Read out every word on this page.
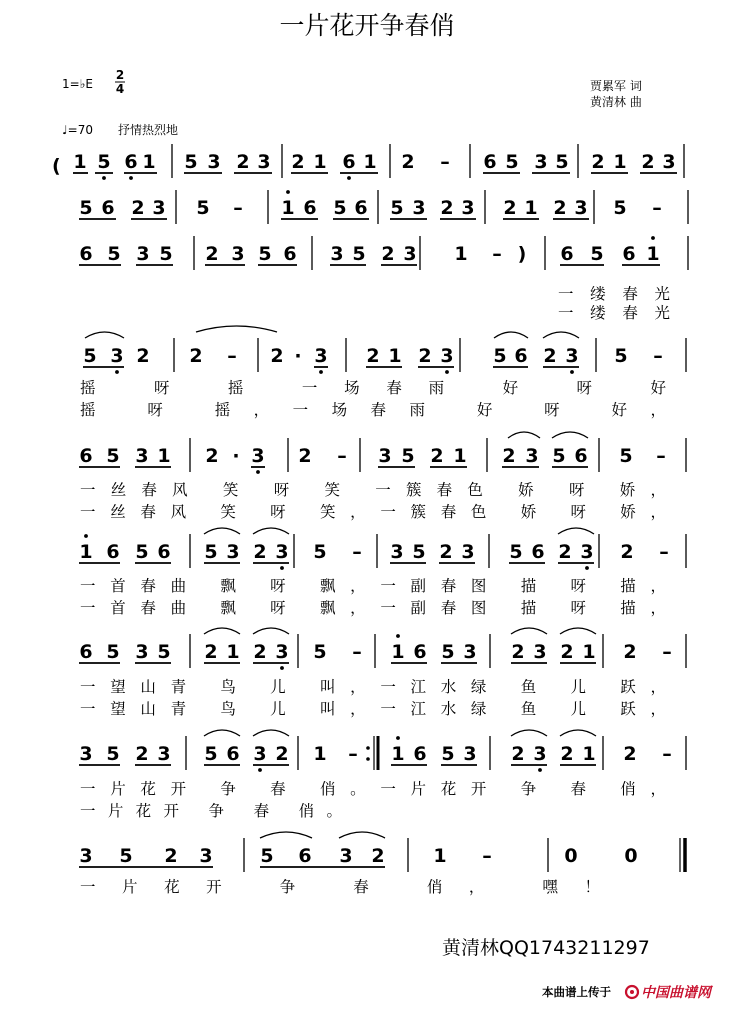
一片花开争春俏
1=♭E
2
4	贾累军 词
黄清林 曲
♩=70 抒情热烈地
( 1 5 6 1 5 3 2 3 2 1 6 1 2 – 6 5 3 5 2 1 2 3
5 6 2 3 5 – 1 6 5 6 5 3 2 3 2 1 2 3 5 –
6 5 3 5 2 3 5 6 3 5 2 3 1 – ) 6 5 6 1
5 3 2 2 – 2 · 3 2 1 2 3 5 6 2 3 5 –
6 5 3 1 2 · 3 2 – 3 5 2 1 2 3 5 6 5 –
1 6 5 6 5 3 2 3 5 – 3 5 2 3 5 6 2 3 2 –
6 5 3 5 2 1 2 3 5 – 1 6 5 3 2 3 2 1 2 –
3 5 2 3 5 6 3 2 1 – 1 6 5 3 2 3 2 1 2 –
3 5 2 3	5 6 3 2	1 –	0 0
一缕春光
一缕春光
摇 呀 摇 一场春雨 好 呀 好
摇 呀 摇，一场春雨 好 呀 好，
一丝春风 笑 呀 笑 一簇春色 娇 呀 娇，
一丝春风 笑 呀 笑，一簇春色 娇 呀 娇，
一首春曲 飘 呀 飘，一副春图 描 呀 描，
一首春曲 飘 呀 飘，一副春图 描 呀 描，
一望山青 鸟 儿 叫，一江水绿 鱼 儿 跃，
一望山青 鸟 儿 叫，一江水绿 鱼 儿 跃，
一片花开 争 春 俏。一片花开 争 春 俏，
一片花开 争 春 俏。
一片花开 争 春 俏， 嘿！
黄清林QQ1743211297
本曲谱上传于 中国曲谱网
